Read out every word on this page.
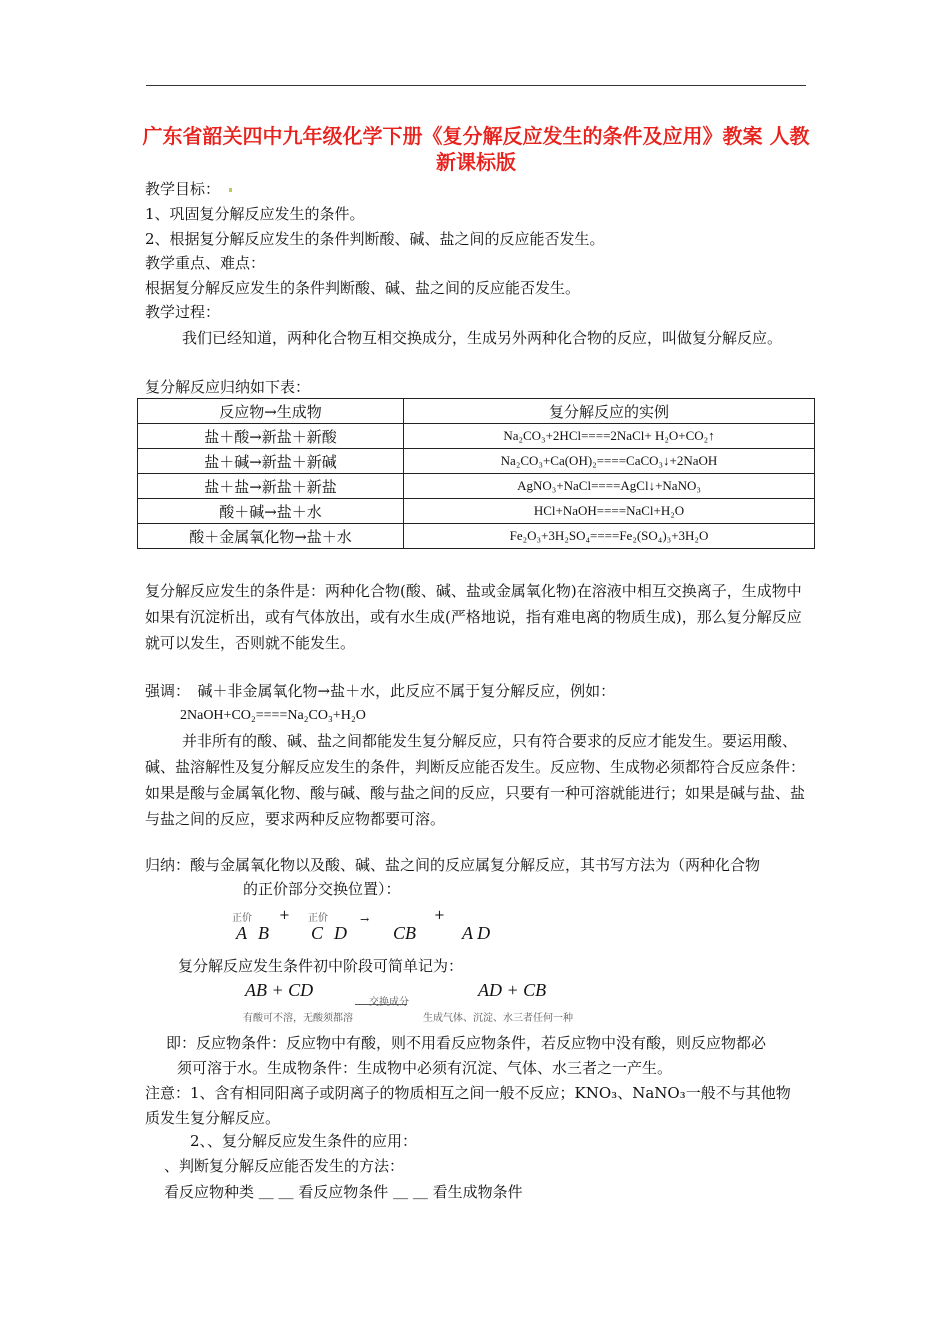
广东省韶关四中九年级化学下册《复分解反应发生的条件及应用》教案 人教新课标版
教学目标：
1、巩固复分解反应发生的条件。
2、根据复分解反应发生的条件判断酸、碱、盐之间的反应能否发生。
教学重点、难点：
根据复分解反应发生的条件判断酸、碱、盐之间的反应能否发生。
教学过程：
我们已经知道，两种化合物互相交换成分，生成另外两种化合物的反应，叫做复分解反应。
复分解反应归纳如下表：
反应物→生成物	复分解反应的实例
盐＋酸→新盐＋新酸	Na₂CO₃+2HCl====2NaCl+ H₂O+CO₂↑
盐＋碱→新盐＋新碱	Na₂CO₃+Ca(OH)₂====CaCO₃↓+2NaOH
盐＋盐→新盐＋新盐	AgNO₃+NaCl====AgCl↓+NaNO₃
酸＋碱→盐＋水	HCl+NaOH====NaCl+H₂O
酸＋金属氧化物→盐＋水	Fe₂O₃+3H₂SO₄====Fe₂(SO₄)₃+3H₂O
复分解反应发生的条件是：两种化合物(酸、碱、盐或金属氧化物)在溶液中相互交换离子，生成物中如果有沉淀析出，或有气体放出，或有水生成(严格地说，指有难电离的物质生成)，那么复分解反应就可以发生，否则就不能发生。
强调：　碱＋非金属氧化物→盐＋水，此反应不属于复分解反应，例如：
2NaOH+CO₂====Na₂CO₃+H₂O
并非所有的酸、碱、盐之间都能发生复分解反应，只有符合要求的反应才能发生。要运用酸、碱、盐溶解性及复分解反应发生的条件，判断反应能否发生。反应物、生成物必须都符合反应条件：如果是酸与金属氧化物、酸与碱、酸与盐之间的反应，只要有一种可溶就能进行；如果是碱与盐、盐与盐之间的反应，要求两种反应物都要可溶。
归纳：酸与金属氧化物以及酸、碱、盐之间的反应属复分解反应，其书写方法为（两种化合物
的正价部分交换位置）：
正价 + 正价	→	+
A B C D	CB	A D
复分解反应发生条件初中阶段可简单记为：
AB + CD	AD + CB
交换成分
有酸可不溶，无酸须都溶	生成气体、沉淀、水三者任何一种
即：反应物条件：反应物中有酸，则不用看反应物条件，若反应物中没有酸，则反应物都必
须可溶于水。生成物条件：生成物中必须有沉淀、气体、水三者之一产生。
注意：1、含有相同阳离子或阴离子的物质相互之间一般不反应；KNO₃、NaNO₃一般不与其他物
质发生复分解反应。
2、、复分解反应发生条件的应用：
、判断复分解反应能否发生的方法：
看反应物种类 ＿ ＿ 看反应物条件 ＿ ＿ 看生成物条件
